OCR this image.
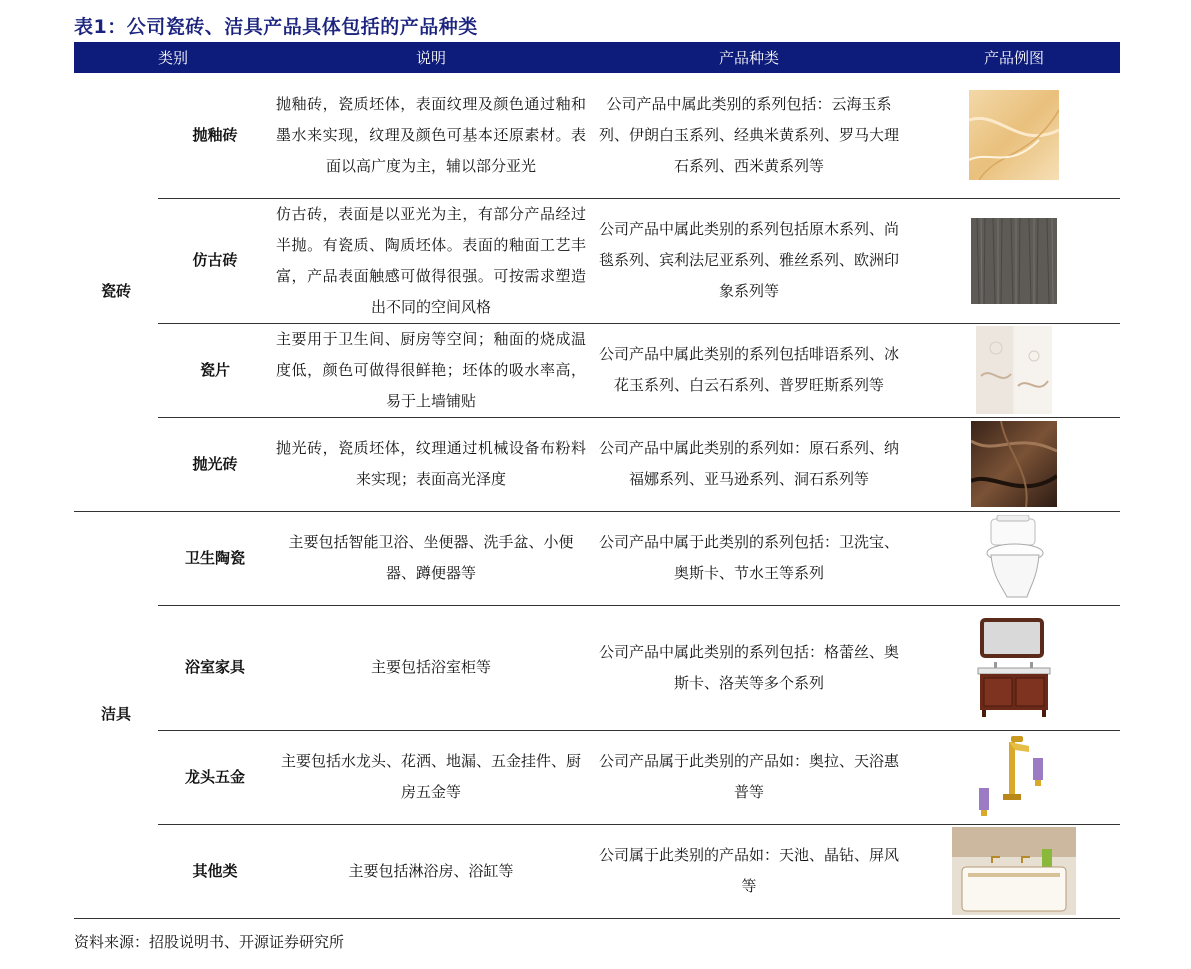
表1：公司瓷砖、洁具产品具体包括的产品种类
类别		说明	产品种类	产品例图
瓷砖	抛釉砖	抛釉砖，瓷质坯体，表面纹理及颜色通过釉和墨水来实现，纹理及颜色可基本还原素材。表面以高广度为主，辅以部分亚光	公司产品中属此类别的系列包括：云海玉系列、伊朗白玉系列、经典米黄系列、罗马大理石系列、西米黄系列等	
	仿古砖	仿古砖，表面是以亚光为主，有部分产品经过半抛。有瓷质、陶质坯体。表面的釉面工艺丰富，产品表面触感可做得很强。可按需求塑造出不同的空间风格	公司产品中属此类别的系列包括原木系列、尚毯系列、宾利法尼亚系列、雅丝系列、欧洲印象系列等	
	瓷片	主要用于卫生间、厨房等空间；釉面的烧成温度低，颜色可做得很鲜艳；坯体的吸水率高，易于上墙铺贴	公司产品中属此类别的系列包括啡语系列、冰花玉系列、白云石系列、普罗旺斯系列等	
	抛光砖	抛光砖，瓷质坯体，纹理通过机械设备布粉料来实现；表面高光泽度	公司产品中属此类别的系列如：原石系列、纳福娜系列、亚马逊系列、洞石系列等	
洁具	卫生陶瓷	主要包括智能卫浴、坐便器、洗手盆、小便器、蹲便器等	公司产品中属于此类别的系列包括：卫洗宝、奥斯卡、节水王等系列	
	浴室家具	主要包括浴室柜等	公司产品中属此类别的系列包括：格蕾丝、奥斯卡、洛芙等多个系列	
	龙头五金	主要包括水龙头、花洒、地漏、五金挂件、厨房五金等	公司产品属于此类别的产品如：奥拉、天浴惠普等	
	其他类	主要包括淋浴房、浴缸等	公司属于此类别的产品如：天池、晶钻、屏风等	
资料来源：招股说明书、开源证券研究所
